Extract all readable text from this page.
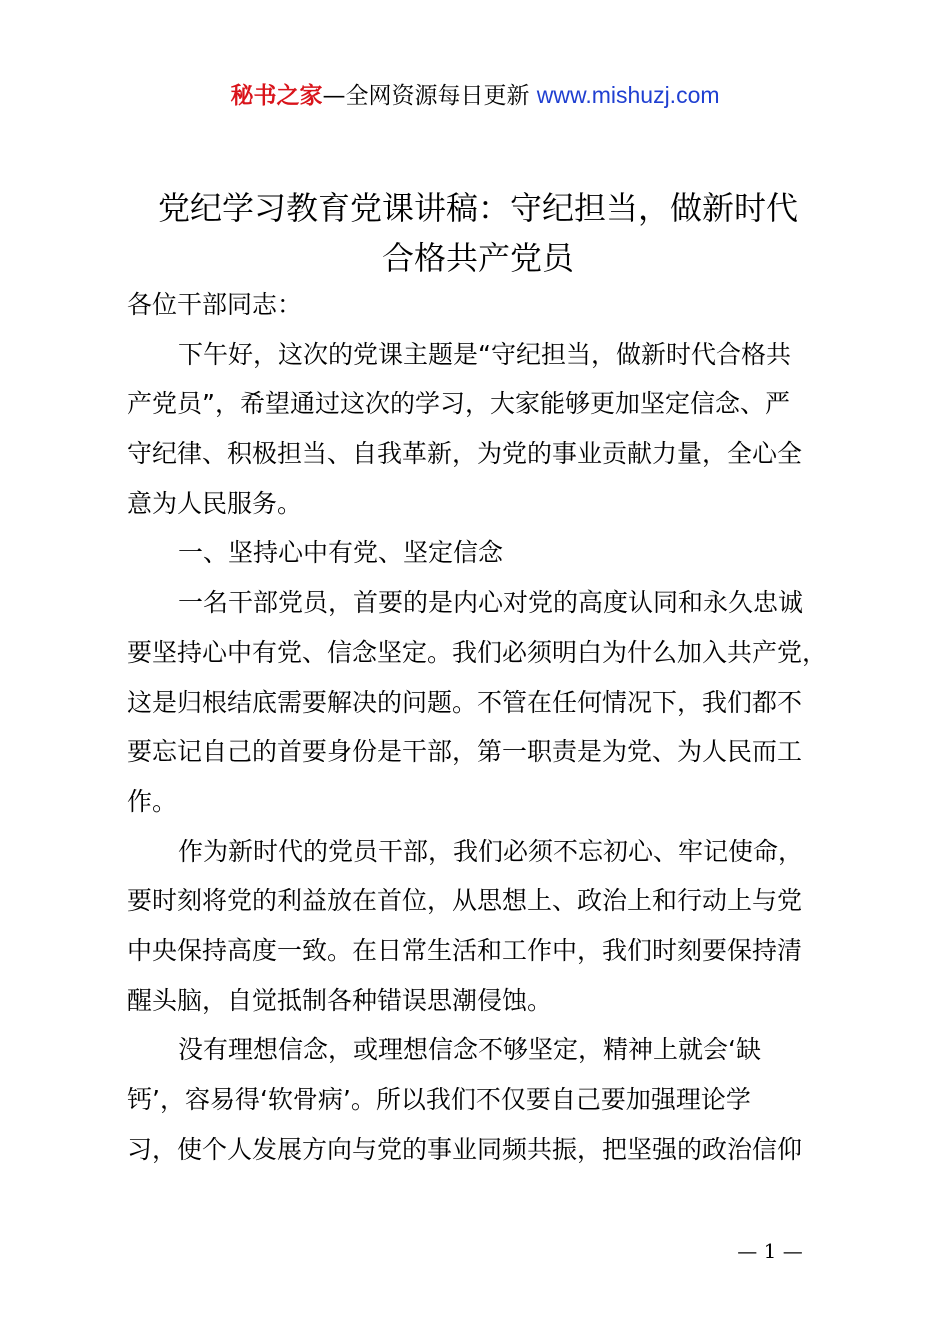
秘书之家—全网资源每日更新 www.mishuzj.com
党纪学习教育党课讲稿：守纪担当，做新时代
合格共产党员
各位干部同志：
下午好，这次的党课主题是“守纪担当，做新时代合格共
产党员”，希望通过这次的学习，大家能够更加坚定信念、严
守纪律、积极担当、自我革新，为党的事业贡献力量，全心全
意为人民服务。
一、坚持心中有党、坚定信念
一名干部党员，首要的是内心对党的高度认同和永久忠诚
要坚持心中有党、信念坚定。我们必须明白为什么加入共产党，
这是归根结底需要解决的问题。不管在任何情况下，我们都不
要忘记自己的首要身份是干部，第一职责是为党、为人民而工
作。
作为新时代的党员干部，我们必须不忘初心、牢记使命，
要时刻将党的利益放在首位，从思想上、政治上和行动上与党
中央保持高度一致。在日常生活和工作中，我们时刻要保持清
醒头脑，自觉抵制各种错误思潮侵蚀。
没有理想信念，或理想信念不够坚定，精神上就会‘缺
钙’，容易得‘软骨病’。所以我们不仅要自己要加强理论学
习，使个人发展方向与党的事业同频共振，把坚强的政治信仰
— 1 —
